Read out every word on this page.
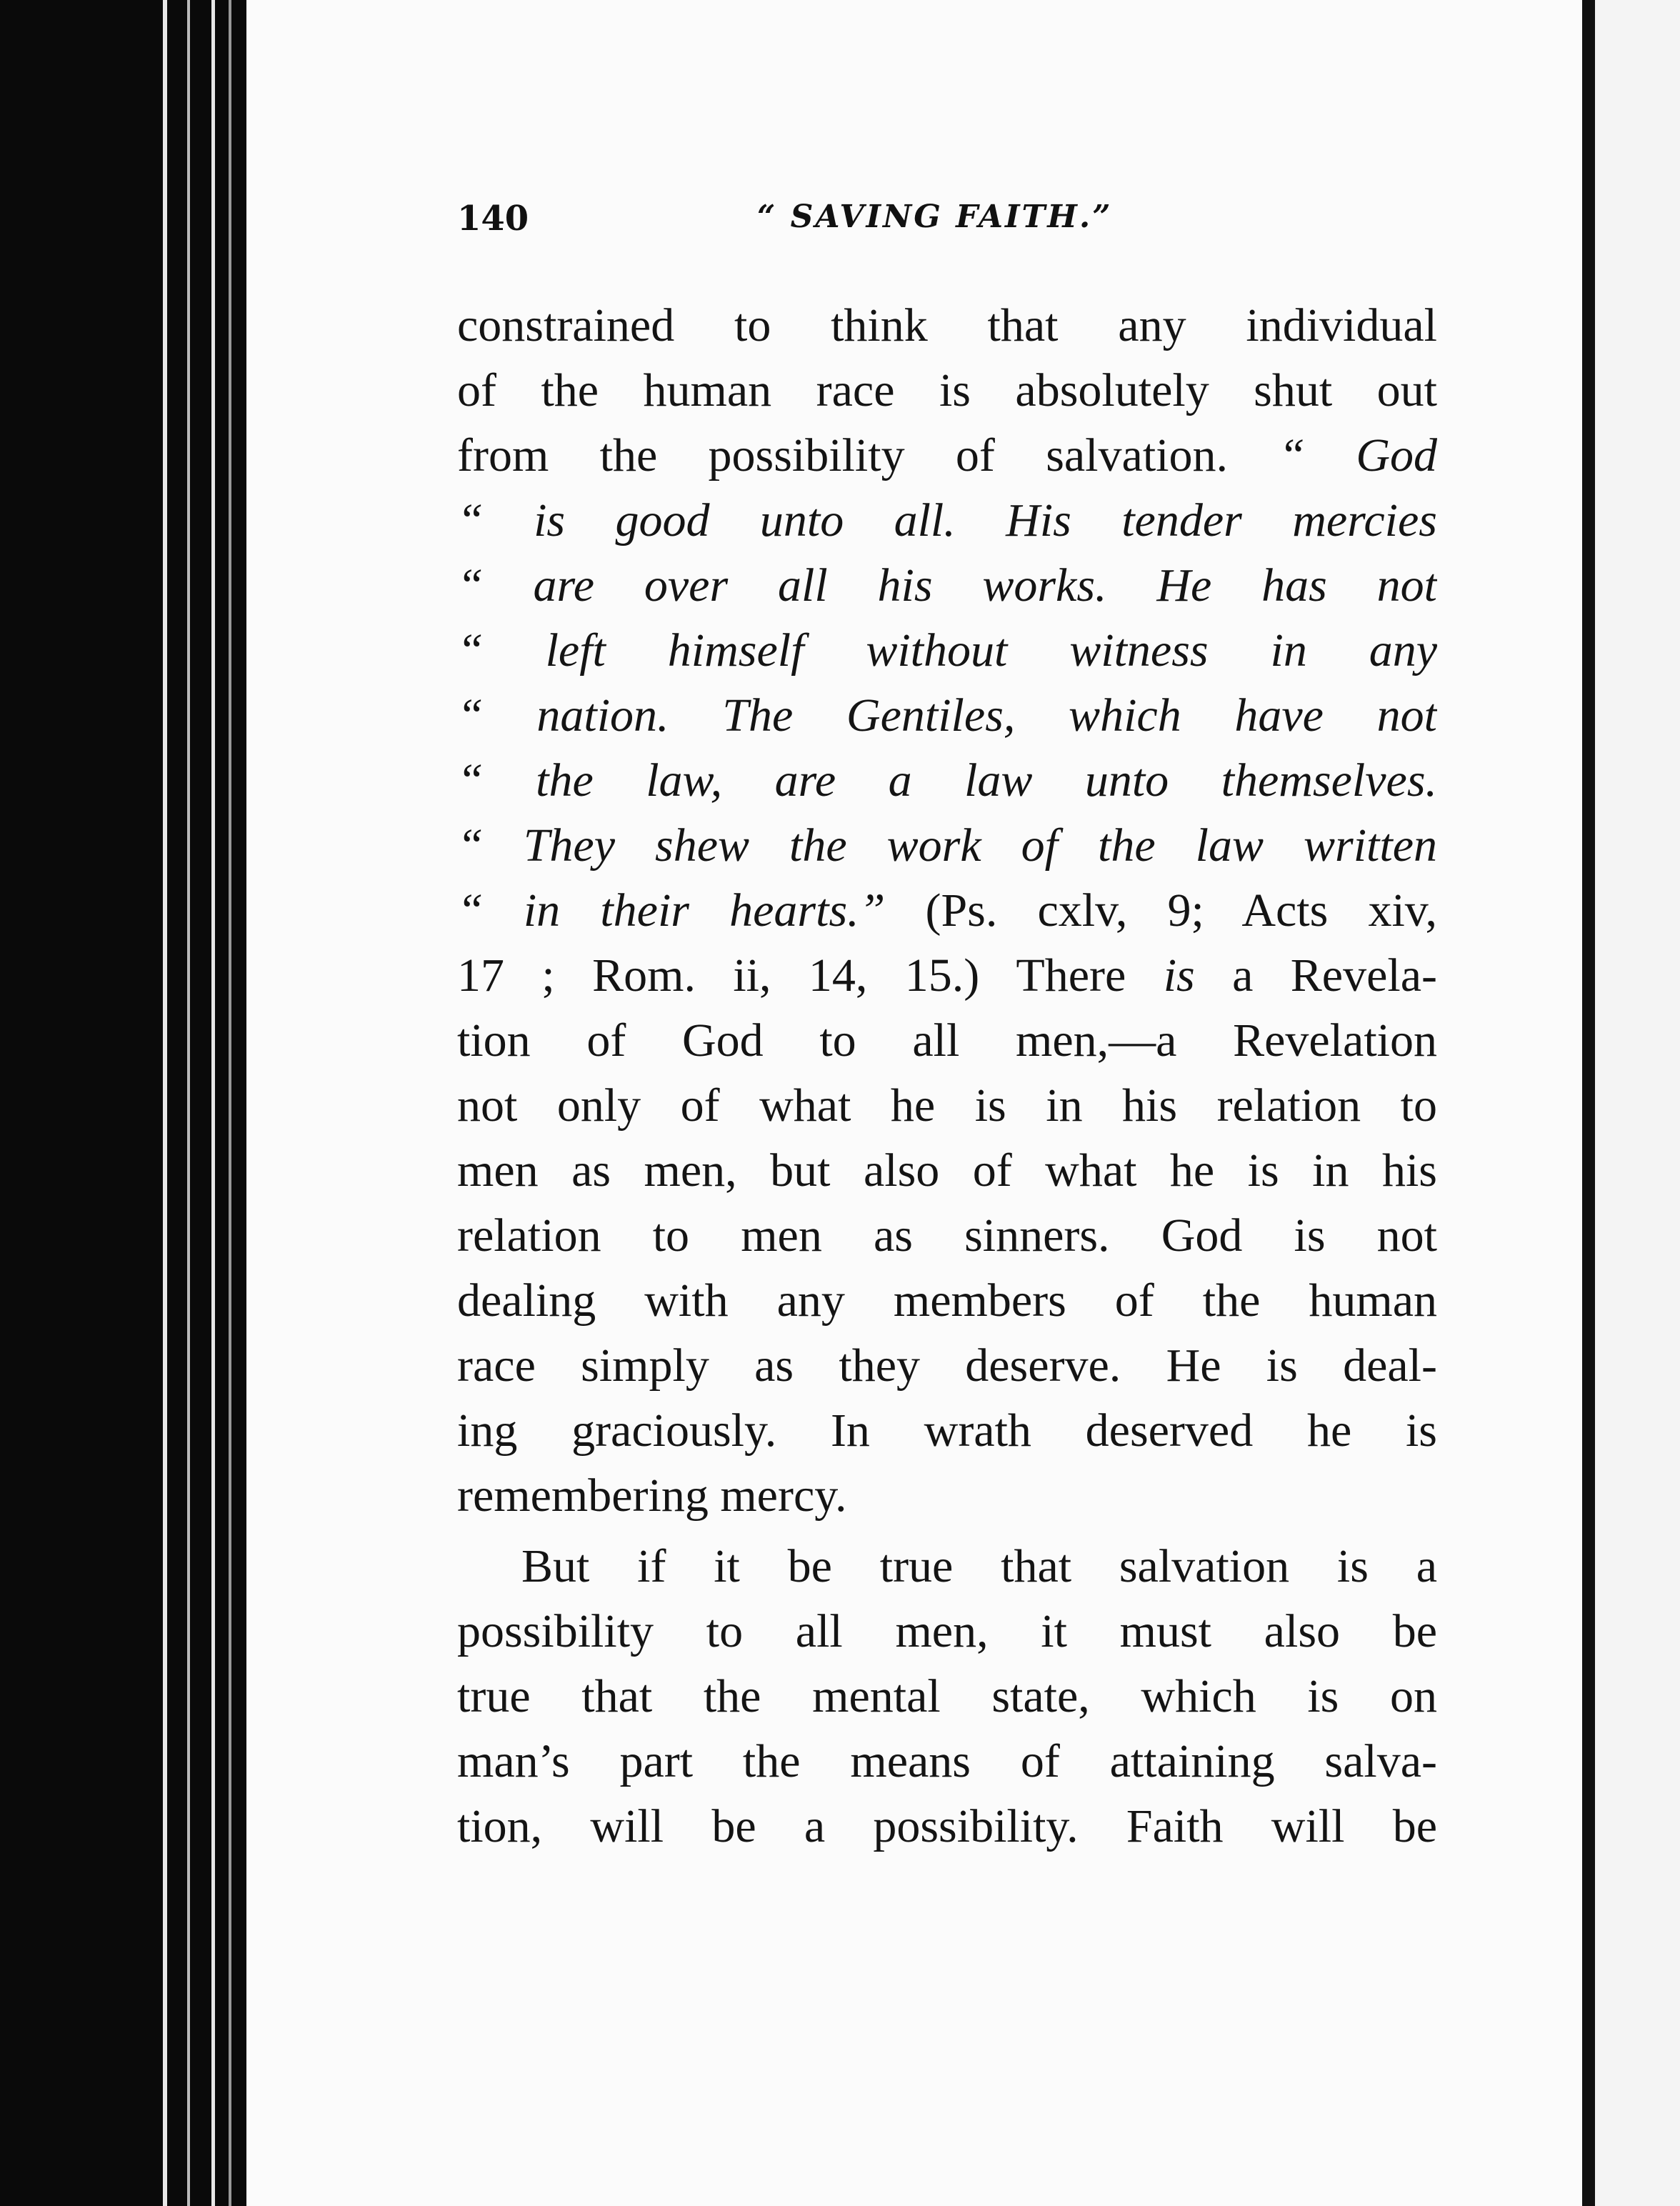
140	“ SAVING FAITH.”
constrained to think that any individual
of the human race is absolutely shut out
from the possibility of salvation. “ God
“ is good unto all. His tender mercies
“ are over all his works. He has not
“ left himself without witness in any
“ nation. The Gentiles, which have not
“ the law, are a law unto themselves.
“ They shew the work of the law written
“ in their hearts.” (Ps. cxlv, 9; Acts xiv,
17 ; Rom. ii, 14, 15.) There is a Revela-
tion of God to all men,—a Revelation
not only of what he is in his relation to
men as men, but also of what he is in his
relation to men as sinners. God is not
dealing with any members of the human
race simply as they deserve. He is deal-
ing graciously. In wrath deserved he is
remembering mercy.
But if it be true that salvation is a
possibility to all men, it must also be
true that the mental state, which is on
man’s part the means of attaining salva-
tion, will be a possibility. Faith will be
